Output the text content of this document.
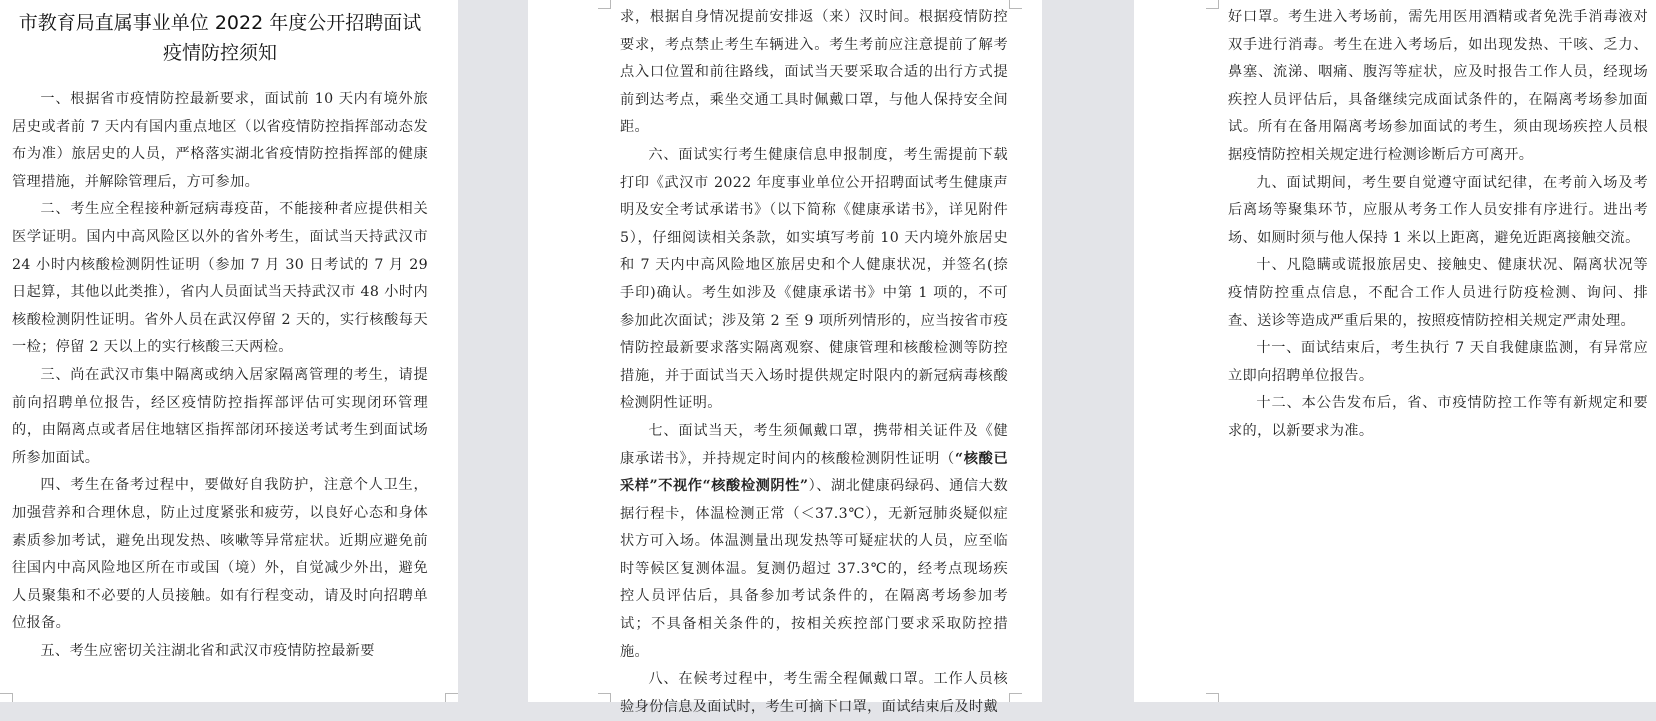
市教育局直属事业单位 2022 年度公开招聘面试
疫情防控须知

一、根据省市疫情防控最新要求，面试前 10 天内有境外旅居史或者前 7 天内有国内重点地区（以省疫情防控指挥部动态发布为准）旅居史的人员，严格落实湖北省疫情防控指挥部的健康管理措施，并解除管理后，方可参加。

二、考生应全程接种新冠病毒疫苗，不能接种者应提供相关医学证明。国内中高风险区以外的省外考生，面试当天持武汉市 24 小时内核酸检测阴性证明（参加 7 月 30 日考试的 7 月 29 日起算，其他以此类推），省内人员面试当天持武汉市 48 小时内核酸检测阴性证明。省外人员在武汉停留 2 天的，实行核酸每天一检；停留 2 天以上的实行核酸三天两检。

三、尚在武汉市集中隔离或纳入居家隔离管理的考生，请提前向招聘单位报告，经区疫情防控指挥部评估可实现闭环管理的，由隔离点或者居住地辖区指挥部闭环接送考试考生到面试场所参加面试。

四、考生在备考过程中，要做好自我防护，注意个人卫生，加强营养和合理休息，防止过度紧张和疲劳，以良好心态和身体素质参加考试，避免出现发热、咳嗽等异常症状。近期应避免前往国内中高风险地区所在市或国（境）外，自觉减少外出，避免人员聚集和不必要的人员接触。如有行程变动，请及时向招聘单位报备。

五、考生应密切关注湖北省和武汉市疫情防控最新要

求，根据自身情况提前安排返（来）汉时间。根据疫情防控要求，考点禁止考生车辆进入。考生考前应注意提前了解考点入口位置和前往路线，面试当天要采取合适的出行方式提前到达考点，乘坐交通工具时佩戴口罩，与他人保持安全间距。

六、面试实行考生健康信息申报制度，考生需提前下载打印《武汉市 2022 年度事业单位公开招聘面试考生健康声明及安全考试承诺书》（以下简称《健康承诺书》，详见附件 5），仔细阅读相关条款，如实填写考前 10 天内境外旅居史和 7 天内中高风险地区旅居史和个人健康状况，并签名(捺手印)确认。考生如涉及《健康承诺书》中第 1 项的，不可参加此次面试；涉及第 2 至 9 项所列情形的，应当按省市疫情防控最新要求落实隔离观察、健康管理和核酸检测等防控措施，并于面试当天入场时提供规定时限内的新冠病毒核酸检测阴性证明。

七、面试当天，考生须佩戴口罩，携带相关证件及《健康承诺书》，并持规定时间内的核酸检测阴性证明（“核酸已采样”不视作“核酸检测阴性”）、湖北健康码绿码、通信大数据行程卡，体温检测正常（＜37.3℃），无新冠肺炎疑似症状方可入场。体温测量出现发热等可疑症状的人员，应至临时等候区复测体温。复测仍超过 37.3℃的，经考点现场疾控人员评估后，具备参加考试条件的，在隔离考场参加考试；不具备相关条件的，按相关疾控部门要求采取防控措施。

八、在候考过程中，考生需全程佩戴口罩。工作人员核验身份信息及面试时，考生可摘下口罩，面试结束后及时戴

好口罩。考生进入考场前，需先用医用酒精或者免洗手消毒液对双手进行消毒。考生在进入考场后，如出现发热、干咳、乏力、鼻塞、流涕、咽痛、腹泻等症状，应及时报告工作人员，经现场疾控人员评估后，具备继续完成面试条件的，在隔离考场参加面试。所有在备用隔离考场参加面试的考生，须由现场疾控人员根据疫情防控相关规定进行检测诊断后方可离开。

九、面试期间，考生要自觉遵守面试纪律，在考前入场及考后离场等聚集环节，应服从考务工作人员安排有序进行。进出考场、如厕时须与他人保持 1 米以上距离，避免近距离接触交流。

十、凡隐瞒或谎报旅居史、接触史、健康状况、隔离状况等疫情防控重点信息，不配合工作人员进行防疫检测、询问、排查、送诊等造成严重后果的，按照疫情防控相关规定严肃处理。

十一、面试结束后，考生执行 7 天自我健康监测，有异常应立即向招聘单位报告。

十二、本公告发布后，省、市疫情防控工作等有新规定和要求的，以新要求为准。
